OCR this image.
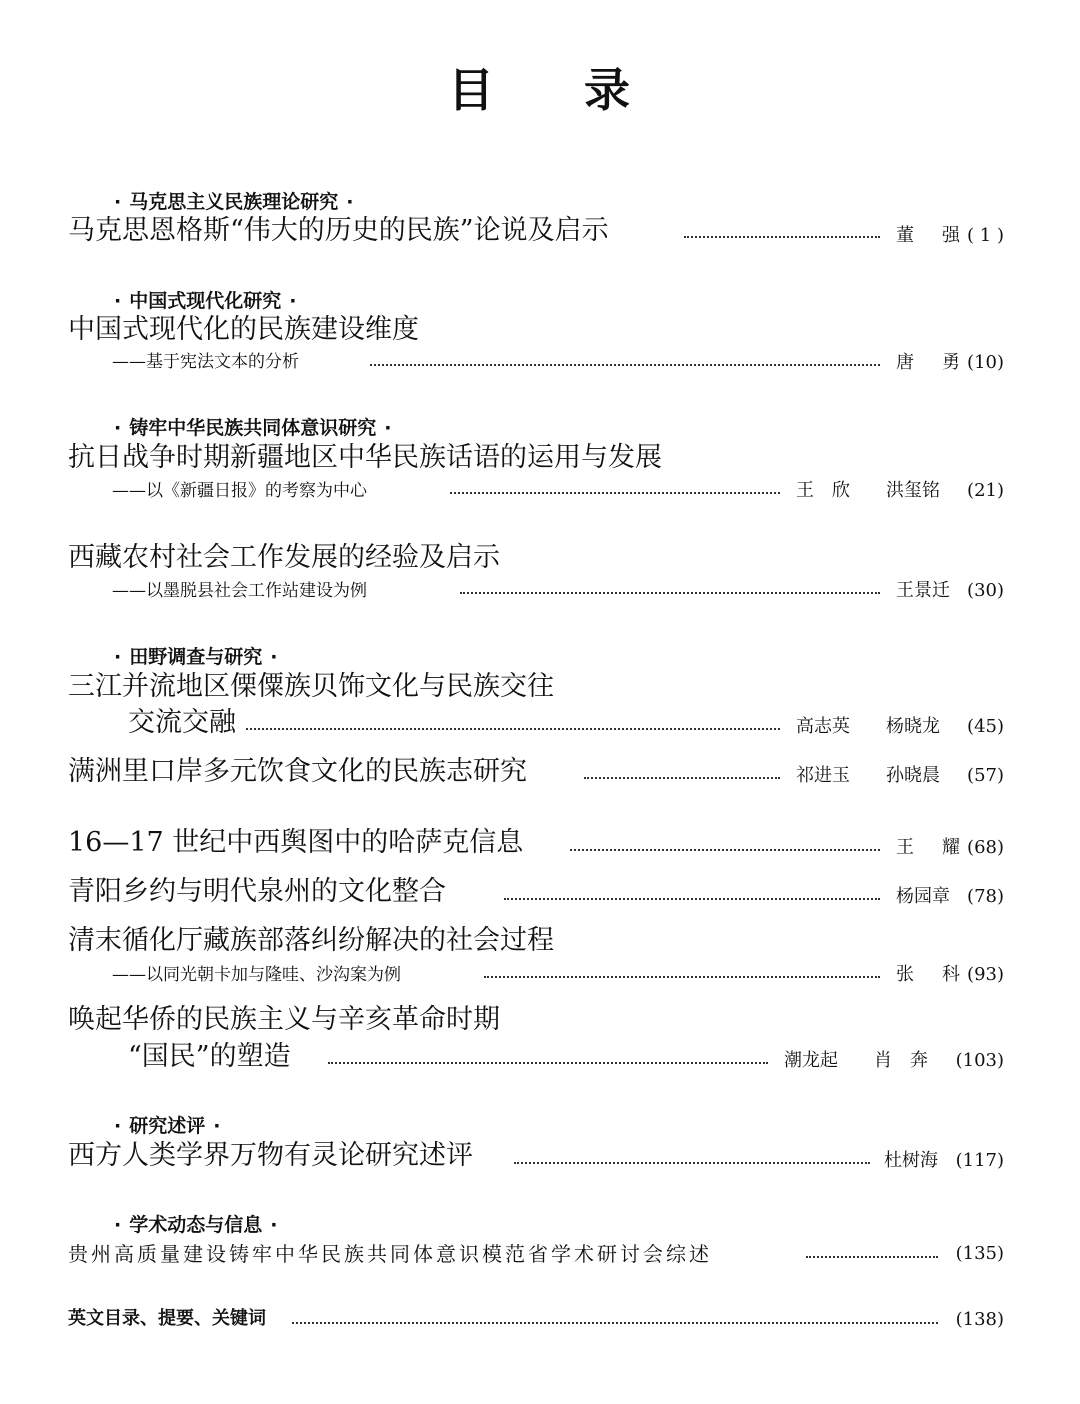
目 录
· 马克思主义民族理论研究 ·
马克思恩格斯“伟大的历史的民族”论说及启示	董 强 ( 1 )
· 中国式现代化研究 ·
中国式现代化的民族建设维度
——基于宪法文本的分析	唐 勇 (10)
· 铸牢中华民族共同体意识研究 ·
抗日战争时期新疆地区中华民族话语的运用与发展
——以《新疆日报》的考察为中心	王　欣 洪玺铭 (21)
西藏农村社会工作发展的经验及启示
——以墨脱县社会工作站建设为例	王景迁 (30)
· 田野调查与研究 ·
三江并流地区傈僳族贝饰文化与民族交往
交流交融	高志英 杨晓龙 (45)
满洲里口岸多元饮食文化的民族志研究	祁进玉 孙晓晨 (57)
16—17 世纪中西舆图中的哈萨克信息	王 耀 (68)
青阳乡约与明代泉州的文化整合	杨园章 (78)
清末循化厅藏族部落纠纷解决的社会过程
——以同光朝卡加与隆哇、沙沟案为例	张 科 (93)
唤起华侨的民族主义与辛亥革命时期
“国民”的塑造	潮龙起 肖　奔 (103)
· 研究述评 ·
西方人类学界万物有灵论研究述评	杜树海 (117)
· 学术动态与信息 ·
贵州高质量建设铸牢中华民族共同体意识模范省学术研讨会综述	(135)
英文目录、提要、关键词	(138)
